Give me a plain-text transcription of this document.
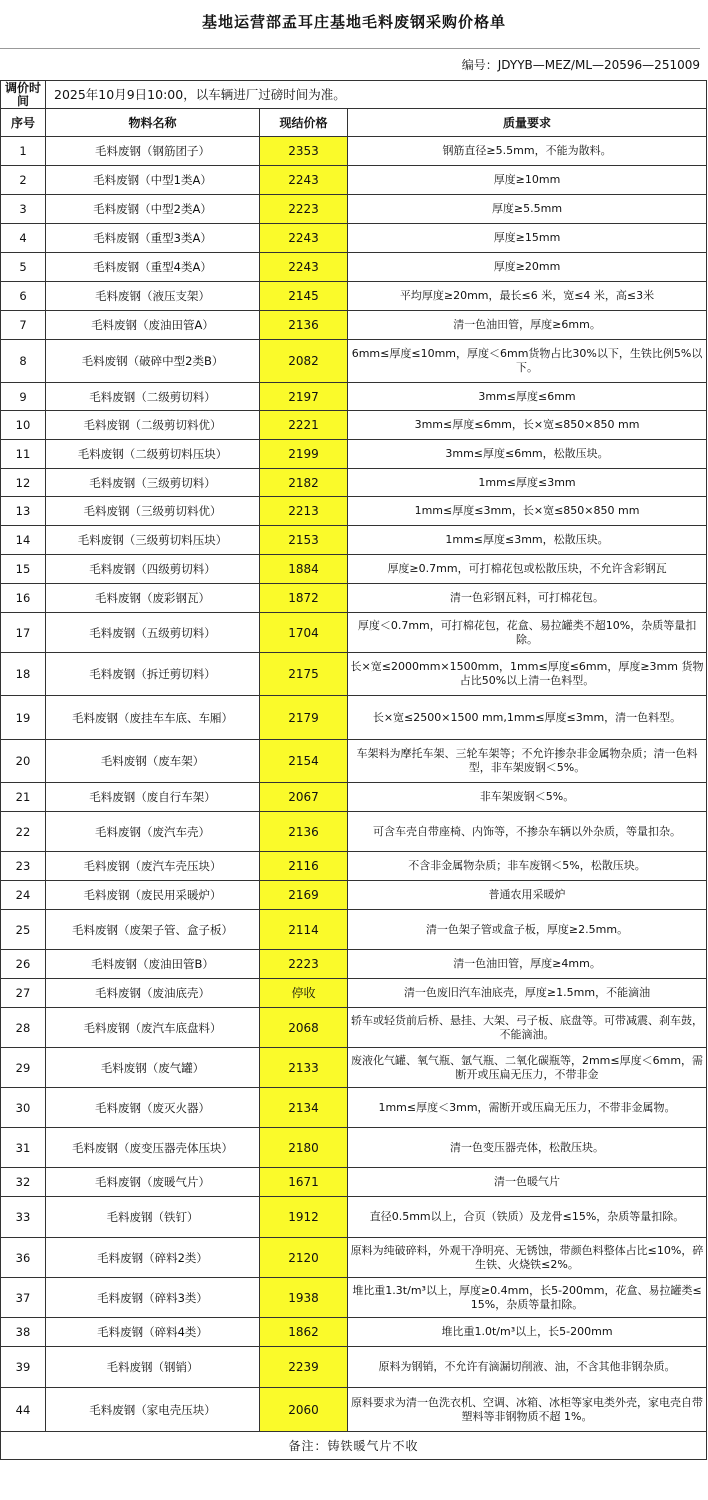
基地运营部孟耳庄基地毛料废钢采购价格单
编号：JDYYB—MEZ/ML—20596—251009
调价时间	2025年10月9日10:00，以车辆进厂过磅时间为准。		
序号	物料名称	现结价格	质量要求
1	毛料废钢（钢筋团子）	2353	钢筋直径≥5.5mm，不能为散料。
2	毛料废钢（中型1类A）	2243	厚度≥10mm
3	毛料废钢（中型2类A）	2223	厚度≥5.5mm
4	毛料废钢（重型3类A）	2243	厚度≥15mm
5	毛料废钢（重型4类A）	2243	厚度≥20mm
6	毛料废钢（液压支架）	2145	平均厚度≥20mm，最长≤6 米，宽≤4 米，高≤3米
7	毛料废钢（废油田管A）	2136	清一色油田管，厚度≥6mm。
8	毛料废钢（破碎中型2类B）	2082	6mm≤厚度≤10mm，厚度＜6mm货物占比30%以下，生铁比例5%以下。
9	毛料废钢（二级剪切料）	2197	3mm≤厚度≤6mm
10	毛料废钢（二级剪切料优）	2221	3mm≤厚度≤6mm，长×宽≤850×850 mm
11	毛料废钢（二级剪切料压块）	2199	3mm≤厚度≤6mm，松散压块。
12	毛料废钢（三级剪切料）	2182	1mm≤厚度≤3mm
13	毛料废钢（三级剪切料优）	2213	1mm≤厚度≤3mm，长×宽≤850×850 mm
14	毛料废钢（三级剪切料压块）	2153	1mm≤厚度≤3mm，松散压块。
15	毛料废钢（四级剪切料）	1884	厚度≥0.7mm，可打棉花包或松散压块，不允许含彩钢瓦
16	毛料废钢（废彩钢瓦）	1872	清一色彩钢瓦料，可打棉花包。
17	毛料废钢（五级剪切料）	1704	厚度＜0.7mm，可打棉花包，花盒、易拉罐类不超10%，杂质等量扣除。
18	毛料废钢（拆迁剪切料）	2175	长×宽≤2000mm×1500mm，1mm≤厚度≤6mm，厚度≥3mm 货物占比50%以上清一色料型。
19	毛料废钢（废挂车车底、车厢）	2179	长×宽≤2500×1500 mm,1mm≤厚度≤3mm，清一色料型。
20	毛料废钢（废车架）	2154	车架料为摩托车架、三轮车架等；不允许掺杂非金属物杂质；清一色料型，非车架废钢＜5%。
21	毛料废钢（废自行车架）	2067	非车架废钢＜5%。
22	毛料废钢（废汽车壳）	2136	可含车壳自带座椅、内饰等，不掺杂车辆以外杂质，等量扣杂。
23	毛料废钢（废汽车壳压块）	2116	不含非金属物杂质；非车废钢＜5%，松散压块。
24	毛料废钢（废民用采暖炉）	2169	普通农用采暖炉
25	毛料废钢（废架子管、盒子板）	2114	清一色架子管或盒子板，厚度≥2.5mm。
26	毛料废钢（废油田管B）	2223	清一色油田管，厚度≥4mm。
27	毛料废钢（废油底壳）	停收	清一色废旧汽车油底壳，厚度≥1.5mm，不能滴油
28	毛料废钢（废汽车底盘料）	2068	轿车或轻货前后桥、悬挂、大架、弓子板、底盘等。可带减震、刹车鼓，不能滴油。
29	毛料废钢（废气罐）	2133	废液化气罐、氧气瓶、氩气瓶、二氧化碳瓶等，2mm≤厚度＜6mm，需断开或压扁无压力，不带非金
30	毛料废钢（废灭火器）	2134	1mm≤厚度＜3mm，需断开或压扁无压力，不带非金属物。
31	毛料废钢（废变压器壳体压块）	2180	清一色变压器壳体，松散压块。
32	毛料废钢（废暖气片）	1671	清一色暖气片
33	毛料废钢（铁钉）	1912	直径0.5mm以上，合页（铁质）及龙骨≤15%，杂质等量扣除。
36	毛料废钢（碎料2类）	2120	原料为纯破碎料，外观干净明亮、无锈蚀，带颜色料整体占比≤10%，碎生铁、火烧铁≤2%。
37	毛料废钢（碎料3类）	1938	堆比重1.3t/m³以上，厚度≥0.4mm，长5-200mm，花盒、易拉罐类≤ 15%，杂质等量扣除。
38	毛料废钢（碎料4类）	1862	堆比重1.0t/m³以上，长5-200mm
39	毛料废钢（钢销）	2239	原料为钢销，不允许有滴漏切削液、油，不含其他非钢杂质。
44	毛料废钢（家电壳压块）	2060	原料要求为清一色洗衣机、空调、冰箱、冰柜等家电类外壳，家电壳自带塑料等非钢物质不超 1%。
备注：铸铁暖气片不收			
